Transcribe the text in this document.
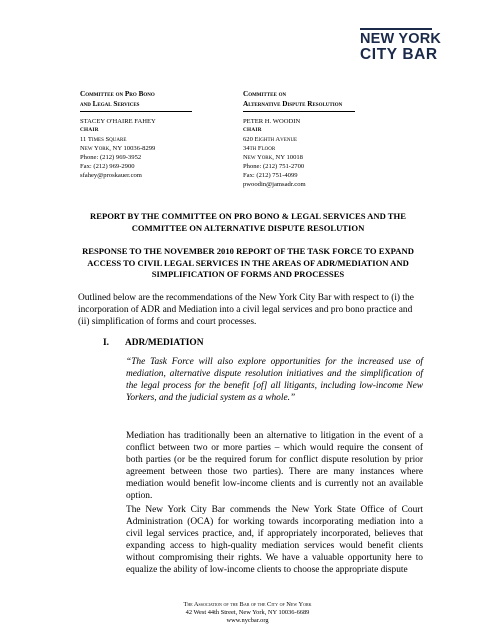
NEW YORK
CITY BAR
Committee on Pro Bono
and Legal Services
STACEY O'HAIRE FAHEY
CHAIR
11 Times Square
New York, NY 10036-8299
Phone: (212) 969-3952
Fax: (212) 969-2900
sfahey@proskauer.com
Committee on
Alternative Dispute Resolution
PETER H. WOODIN
CHAIR
620 Eighth Avenue
34th Floor
New York, NY 10018
Phone: (212) 751-2700
Fax: (212) 751-4099
pwoodin@jamsadr.com
REPORT BY THE COMMITTEE ON PRO BONO & LEGAL SERVICES AND THE COMMITTEE ON ALTERNATIVE DISPUTE RESOLUTION
RESPONSE TO THE NOVEMBER 2010 REPORT OF THE TASK FORCE TO EXPAND ACCESS TO CIVIL LEGAL SERVICES IN THE AREAS OF ADR/MEDIATION AND SIMPLIFICATION OF FORMS AND PROCESSES
Outlined below are the recommendations of the New York City Bar with respect to (i) the incorporation of ADR and Mediation into a civil legal services and pro bono practice and (ii) simplification of forms and court processes.
I. ADR/MEDIATION
“The Task Force will also explore opportunities for the increased use of mediation, alternative dispute resolution initiatives and the simplification of the legal process for the benefit [of] all litigants, including low-income New Yorkers, and the judicial system as a whole.”
Mediation has traditionally been an alternative to litigation in the event of a conflict between two or more parties – which would require the consent of both parties (or be the required forum for conflict dispute resolution by prior agreement between those two parties). There are many instances where mediation would benefit low-income clients and is currently not an available option.
The New York City Bar commends the New York State Office of Court Administration (OCA) for working towards incorporating mediation into a civil legal services practice, and, if appropriately incorporated, believes that expanding access to high-quality mediation services would benefit clients without compromising their rights. We have a valuable opportunity here to equalize the ability of low-income clients to choose the appropriate dispute
The Association of the Bar of the City of New York
42 West 44th Street, New York, NY 10036-6689
www.nycbar.org
